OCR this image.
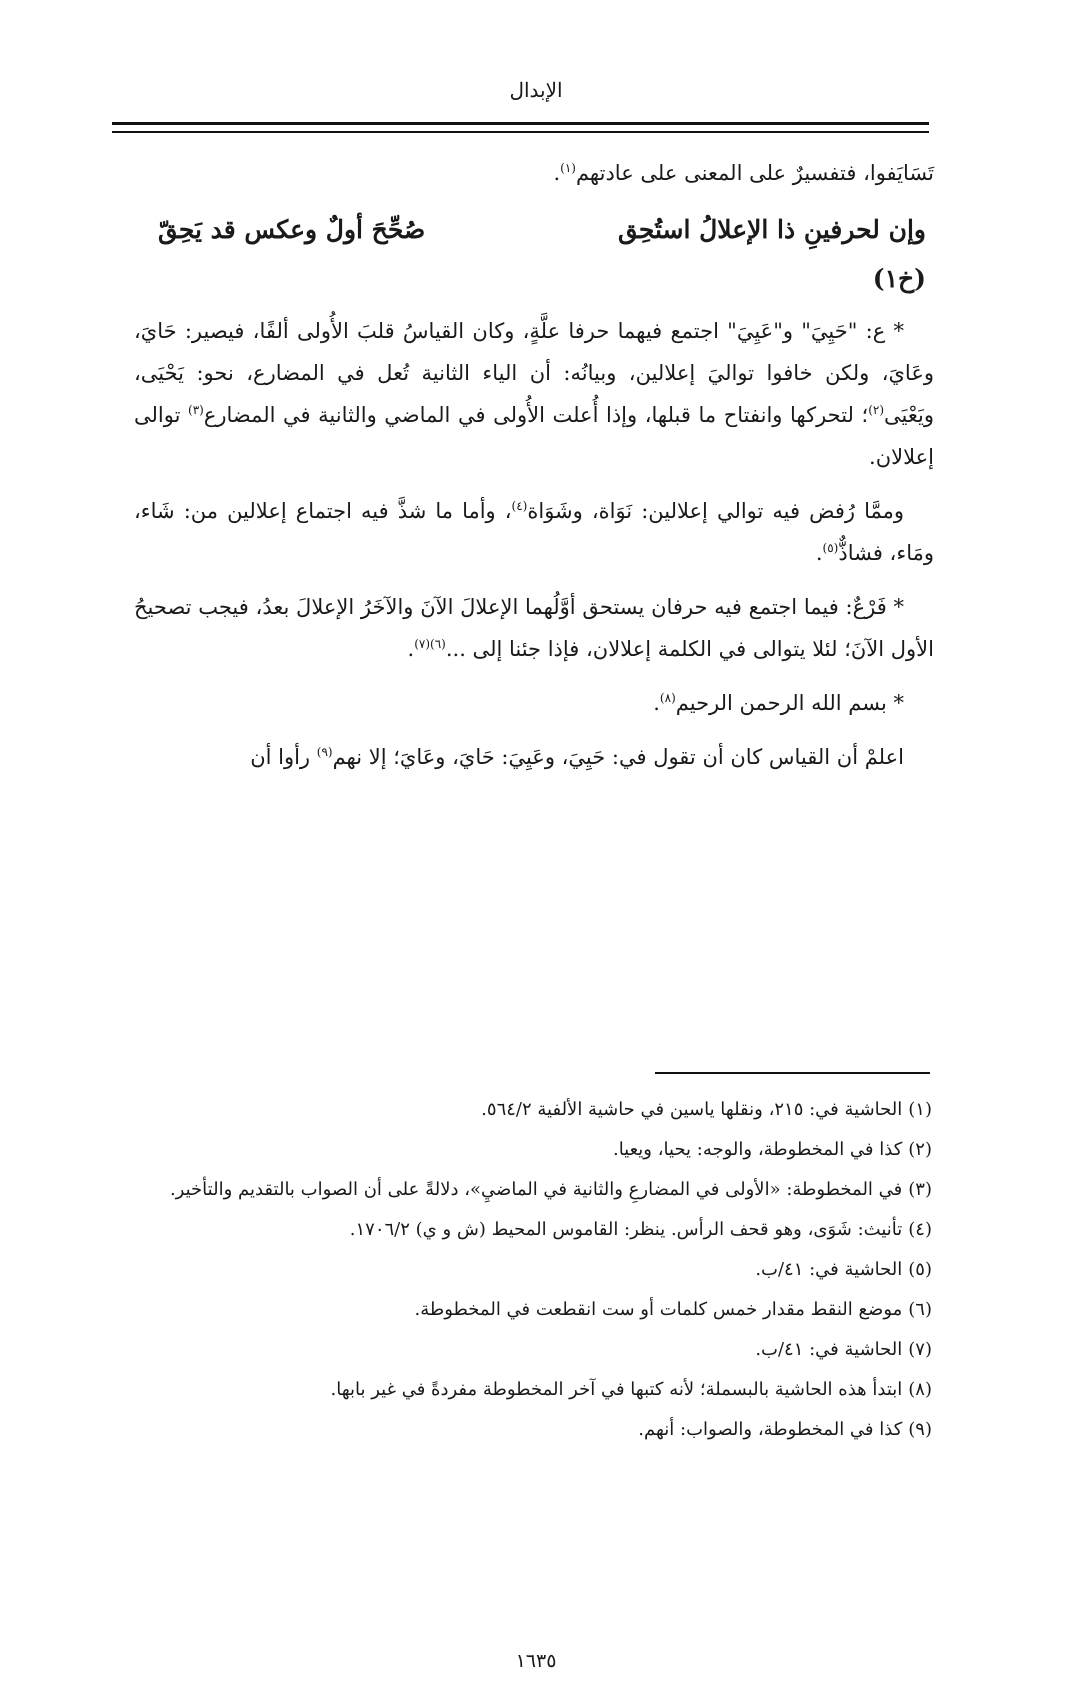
الإبدال

تَسَايَفوا، فتفسيرٌ على المعنى على عادتهم$^{(١)}$.

وإن لحرفينِ ذا الإعلالُ استُحِق
صُحِّحَ أولٌ وعكس قد يَحِقّ
(خ١)

* ع: "حَيِيَ" و"عَيِيَ" اجتمع فيهما حرفا علَّةٍ، وكان القياسُ قلبَ الأُولى ألفًا، فيصير: حَايَ، وعَايَ، ولكن خافوا تواليَ إعلالين، وبيانُه: أن الياء الثانية تُعل في المضارع، نحو: يَحْيَى، ويَعْيَى$^{(٢)}$؛ لتحركها وانفتاح ما قبلها، وإذا أُعلت الأُولى في الماضي والثانية في المضارع$^{(٣)}$ توالى إعلالان.

وممَّا رُفض فيه توالي إعلالين: نَوَاة، وشَوَاة$^{(٤)}$، وأما ما شذَّ فيه اجتماع إعلالين من: شَاء، ومَاء، فشاذٌّ$^{(٥)}$.

* فَرْعٌ: فيما اجتمع فيه حرفان يستحق أوَّلُهما الإعلالَ الآنَ والآخَرُ الإعلالَ بعدُ، فيجب تصحيحُ الأول الآنَ؛ لئلا يتوالى في الكلمة إعلالان، فإذا جئنا إلى ...$^{(٦)(٧)}$.

* بسم الله الرحمن الرحيم$^{(٨)}$.

اعلمْ أن القياس كان أن تقول في: حَيِيَ، وعَيِيَ: حَايَ، وعَايَ؛ إلا نهم$^{(٩)}$ رأوا أن

(١)الحاشية في: ٢١٥، ونقلها ياسين في حاشية الألفية ٥٦٤/٢.
(٢)كذا في المخطوطة، والوجه: يحيا، ويعيا.
(٣)في المخطوطة: «الأولى في المضارعِ والثانية في الماضيِ»، دلالةً على أن الصواب بالتقديم والتأخير.
(٤)تأنيث: شَوَى، وهو قحف الرأس. ينظر: القاموس المحيط (ش و ي) ١٧٠٦/٢.
(٥)الحاشية في: ٤١/ب.
(٦)موضع النقط مقدار خمس كلمات أو ست انقطعت في المخطوطة.
(٧)الحاشية في: ٤١/ب.
(٨)ابتدأ هذه الحاشية بالبسملة؛ لأنه كتبها في آخر المخطوطة مفردةً في غير بابها.
(٩)كذا في المخطوطة، والصواب: أنهم.
١٦٣٥
